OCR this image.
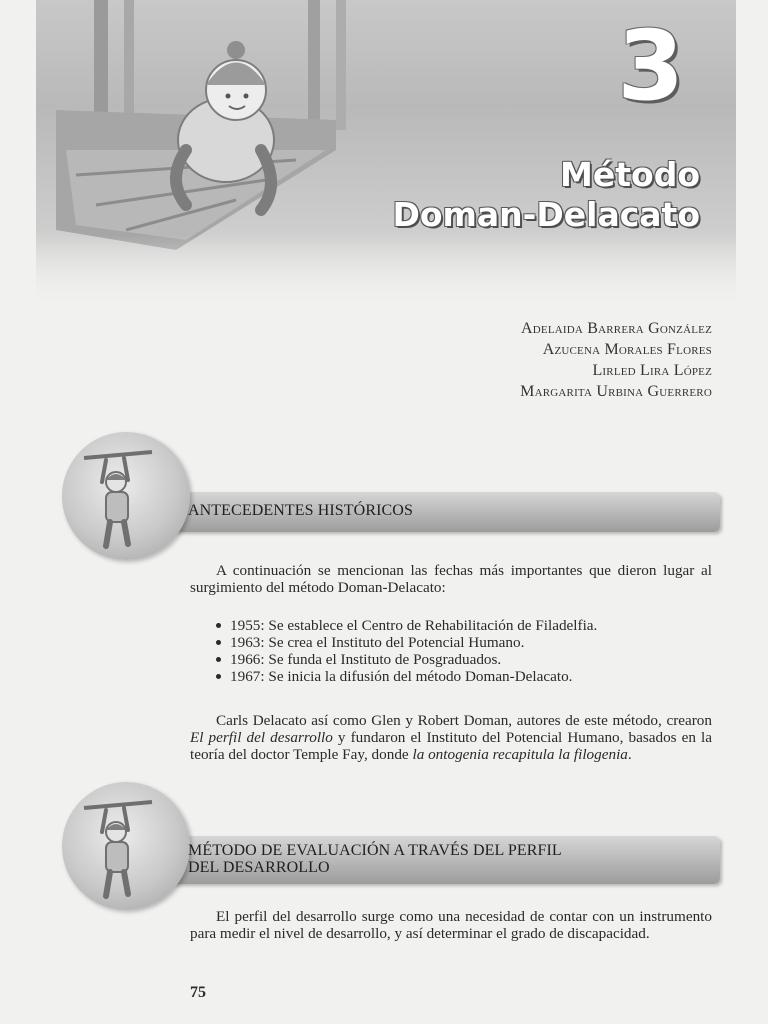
3
Método
Doman-Delacato
Adelaida Barrera González
Azucena Morales Flores
Lirled Lira López
Margarita Urbina Guerrero
ANTECEDENTES HISTÓRICOS

A continuación se mencionan las fechas más importantes que dieron lugar al surgimiento del método Doman-Delacato:

1955: Se establece el Centro de Rehabilitación de Filadelfia.
1963: Se crea el Instituto del Potencial Humano.
1966: Se funda el Instituto de Posgraduados.
1967: Se inicia la difusión del método Doman-Delacato.

Carls Delacato así como Glen y Robert Doman, autores de este método, crearon El perfil del desarrollo y fundaron el Instituto del Potencial Humano, basados en la teoría del doctor Temple Fay, donde la ontogenia recapitula la filogenia.

MÉTODO DE EVALUACIÓN A TRAVÉS DEL PERFIL
DEL DESARROLLO

El perfil del desarrollo surge como una necesidad de contar con un instrumento para medir el nivel de desarrollo, y así determinar el grado de discapacidad.

75
